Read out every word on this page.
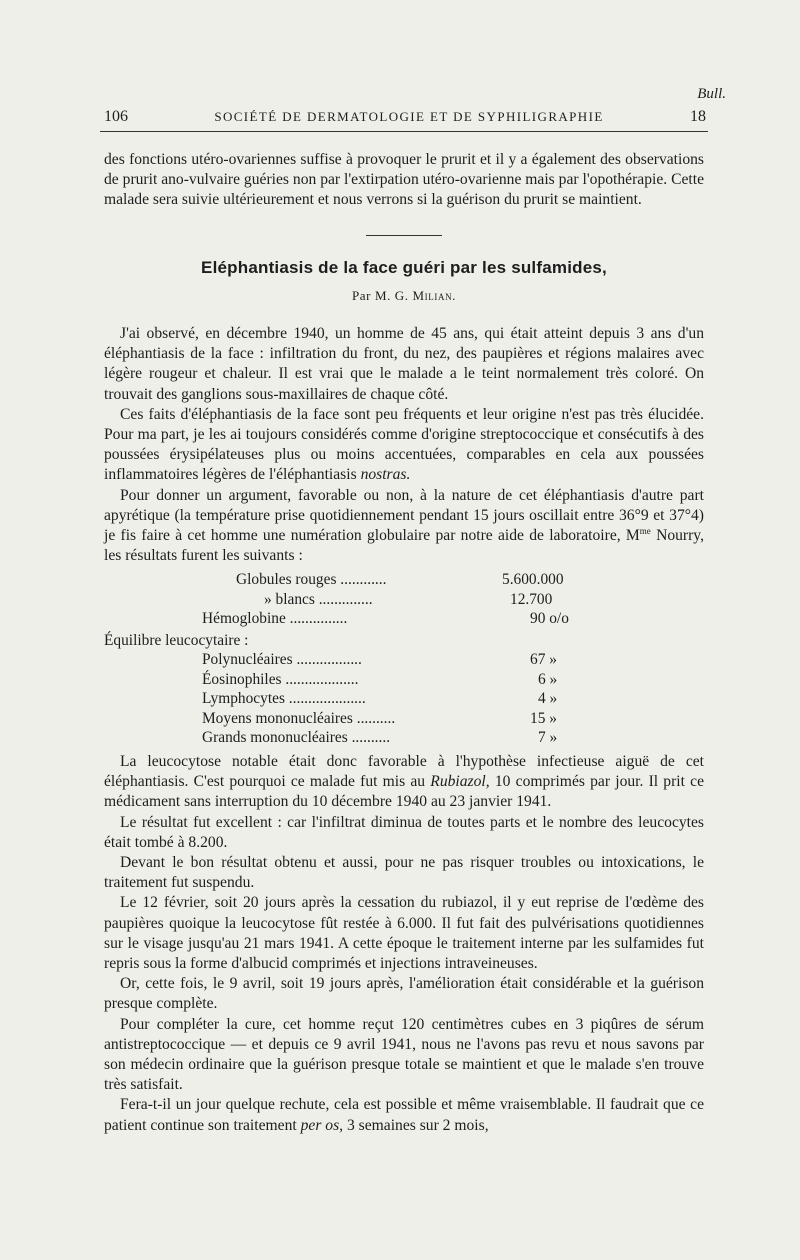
Bull.
106	SOCIÉTÉ DE DERMATOLOGIE ET DE SYPHILIGRAPHIE	18

des fonctions utéro-ovariennes suffise à provoquer le prurit et il y a également des observations de prurit ano-vulvaire guéries non par l'extirpation utéro-ovarienne mais par l'opothérapie. Cette malade sera suivie ultérieurement et nous verrons si la guérison du prurit se maintient.

Eléphantiasis de la face guéri par les sulfamides,
Par M. G. Milian.

J'ai observé, en décembre 1940, un homme de 45 ans, qui était atteint depuis 3 ans d'un éléphantiasis de la face : infiltration du front, du nez, des paupières et régions malaires avec légère rougeur et chaleur. Il est vrai que le malade a le teint normalement très coloré. On trouvait des ganglions sous-maxillaires de chaque côté.

Ces faits d'éléphantiasis de la face sont peu fréquents et leur origine n'est pas très élucidée. Pour ma part, je les ai toujours considérés comme d'origine streptococcique et consécutifs à des poussées érysipélateuses plus ou moins accentuées, comparables en cela aux poussées inflammatoires légères de l'éléphantiasis nostras.

Pour donner un argument, favorable ou non, à la nature de cet éléphantiasis d'autre part apyrétique (la température prise quotidiennement pendant 15 jours oscillait entre 36°9 et 37°4) je fis faire à cet homme une numération globulaire par notre aide de laboratoire, $M^{me}$ Nourry, les résultats furent les suivants :

Globules rouges ............	5.600.000
» blancs ..............	12.700
Hémoglobine ...............	90 o/o
Équilibre leucocytaire :
Polynucléaires .................	67 »
Éosinophiles ...................	6 »
Lymphocytes ....................	4 »
Moyens mononucléaires ..........	15 »
Grands mononucléaires ..........	7 »

La leucocytose notable était donc favorable à l'hypothèse infectieuse aiguë de cet éléphantiasis. C'est pourquoi ce malade fut mis au Rubiazol, 10 comprimés par jour. Il prit ce médicament sans interruption du 10 décembre 1940 au 23 janvier 1941.

Le résultat fut excellent : car l'infiltrat diminua de toutes parts et le nombre des leucocytes était tombé à 8.200.

Devant le bon résultat obtenu et aussi, pour ne pas risquer troubles ou intoxications, le traitement fut suspendu.

Le 12 février, soit 20 jours après la cessation du rubiazol, il y eut reprise de l'œdème des paupières quoique la leucocytose fût restée à 6.000. Il fut fait des pulvérisations quotidiennes sur le visage jusqu'au 21 mars 1941. A cette époque le traitement interne par les sulfamides fut repris sous la forme d'albucid comprimés et injections intraveineuses.

Or, cette fois, le 9 avril, soit 19 jours après, l'amélioration était considérable et la guérison presque complète.

Pour compléter la cure, cet homme reçut 120 centimètres cubes en 3 piqûres de sérum antistreptococcique — et depuis ce 9 avril 1941, nous ne l'avons pas revu et nous savons par son médecin ordinaire que la guérison presque totale se maintient et que le malade s'en trouve très satisfait.

Fera-t-il un jour quelque rechute, cela est possible et même vraisemblable. Il faudrait que ce patient continue son traitement per os, 3 semaines sur 2 mois,
